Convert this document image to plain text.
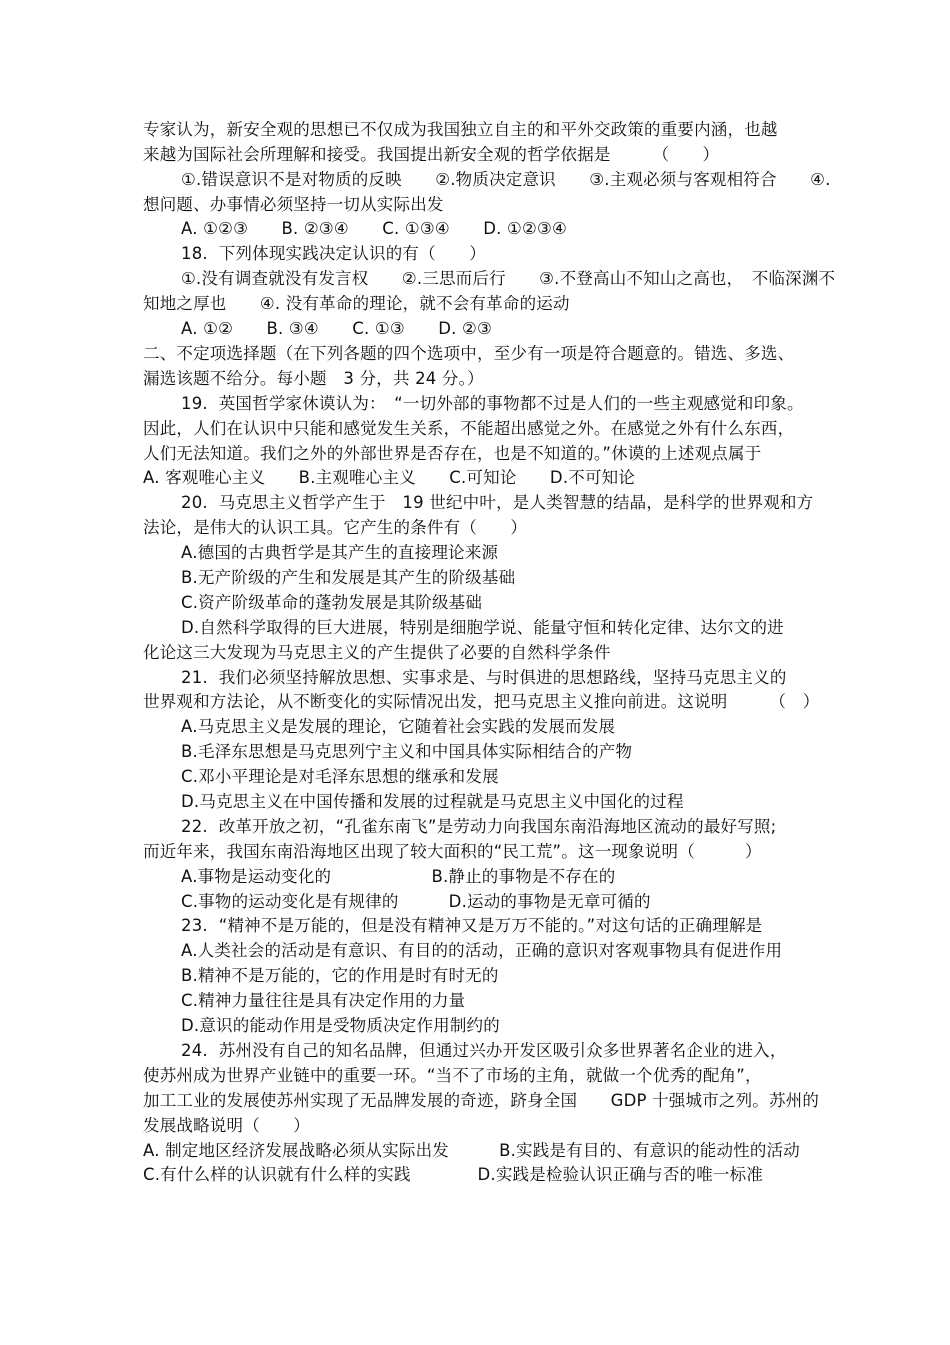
专家认为，新安全观的思想已不仅成为我国独立自主的和平外交政策的重要内涵，也越
来越为国际社会所理解和接受。我国提出新安全观的哲学依据是　　　（　　）
①.错误意识不是对物质的反映　　②.物质决定意识　　③.主观必须与客观相符合　　④.
想问题、办事情必须坚持一切从实际出发
A. ①②③　　B. ②③④　　C. ①③④　　D. ①②③④
18.  下列体现实践决定认识的有（　　）
①.没有调查就没有发言权　　②.三思而后行　　③.不登高山不知山之高也，　不临深渊不
知地之厚也　　④. 没有革命的理论，就不会有革命的运动
A. ①②　　B. ③④　　C. ①③　　D. ②③
二、不定项选择题（在下列各题的四个选项中，至少有一项是符合题意的。错选、多选、
漏选该题不给分。每小题　3 分，共 24 分。）
19.  英国哲学家休谟认为：　“一切外部的事物都不过是人们的一些主观感觉和印象。
因此，人们在认识中只能和感觉发生关系，不能超出感觉之外。在感觉之外有什么东西，
人们无法知道。我们之外的外部世界是否存在，也是不知道的。”休谟的上述观点属于
A. 客观唯心主义　　B.主观唯心主义　　C.可知论　　D.不可知论
20.  马克思主义哲学产生于　19 世纪中叶，是人类智慧的结晶，是科学的世界观和方
法论，是伟大的认识工具。它产生的条件有（　　）
A.德国的古典哲学是其产生的直接理论来源
B.无产阶级的产生和发展是其产生的阶级基础
C.资产阶级革命的蓬勃发展是其阶级基础
D.自然科学取得的巨大进展，特别是细胞学说、能量守恒和转化定律、达尔文的进
化论这三大发现为马克思主义的产生提供了必要的自然科学条件
21.  我们必须坚持解放思想、实事求是、与时俱进的思想路线，坚持马克思主义的
世界观和方法论，从不断变化的实际情况出发，把马克思主义推向前进。这说明　　　（　）
A.马克思主义是发展的理论，它随着社会实践的发展而发展
B.毛泽东思想是马克思列宁主义和中国具体实际相结合的产物
C.邓小平理论是对毛泽东思想的继承和发展
D.马克思主义在中国传播和发展的过程就是马克思主义中国化的过程
22.  改革开放之初，“孔雀东南飞”是劳动力向我国东南沿海地区流动的最好写照;
而近年来，我国东南沿海地区出现了较大面积的“民工荒”。这一现象说明（　　　）
A.事物是运动变化的　　　　　　B.静止的事物是不存在的
C.事物的运动变化是有规律的　　　D.运动的事物是无章可循的
23.  “精神不是万能的，但是没有精神又是万万不能的。”对这句话的正确理解是
A.人类社会的活动是有意识、有目的的活动，正确的意识对客观事物具有促进作用
B.精神不是万能的，它的作用是时有时无的
C.精神力量往往是具有决定作用的力量
D.意识的能动作用是受物质决定作用制约的
24.  苏州没有自己的知名品牌，但通过兴办开发区吸引众多世界著名企业的进入，
使苏州成为世界产业链中的重要一环。“当不了市场的主角，就做一个优秀的配角”，
加工工业的发展使苏州实现了无品牌发展的奇迹，跻身全国　　GDP 十强城市之列。苏州的
发展战略说明（　　）
A. 制定地区经济发展战略必须从实际出发　　　B.实践是有目的、有意识的能动性的活动
C.有什么样的认识就有什么样的实践　　　　D.实践是检验认识正确与否的唯一标准
